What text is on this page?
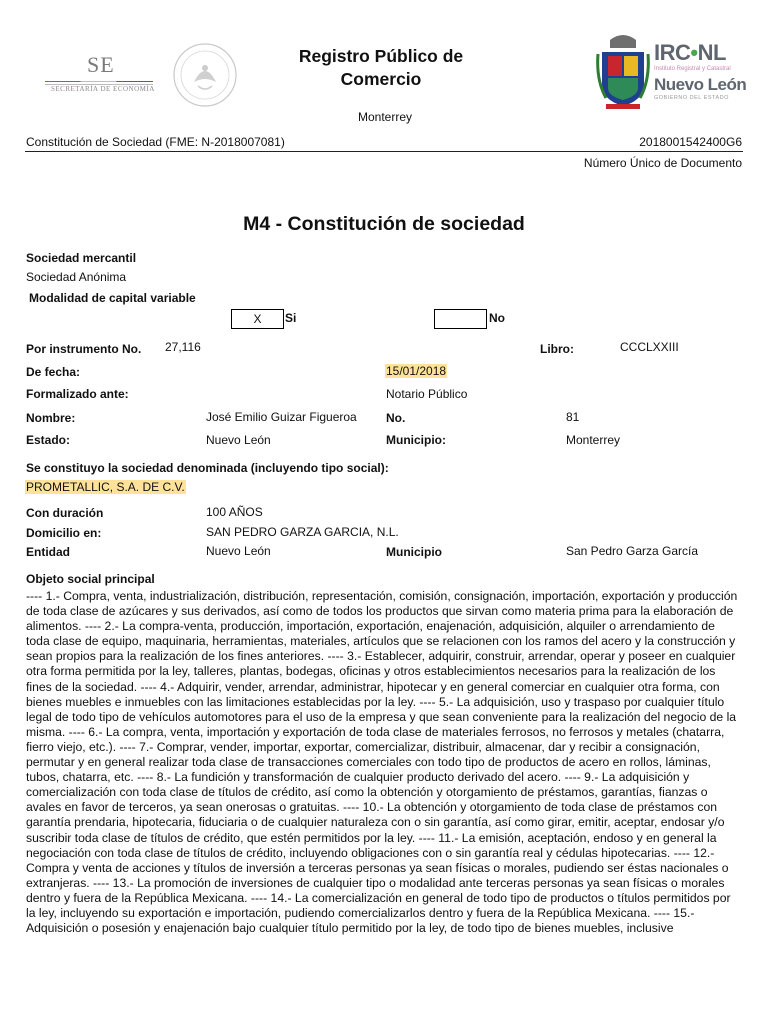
SE
SECRETARÍA DE ECONOMÍA
Registro Público de
Comercio
Monterrey
IRC•NL
Instituto Registral y Catastral
Nuevo León
GOBIERNO DEL ESTADO
Constitución de Sociedad (FME: N-2018007081)	2018001542400G6
Número Único de Documento
M4 - Constitución de sociedad
Sociedad mercantil
Sociedad Anónima
Modalidad de capital variable
X	Si	No
Por instrumento No. 27,116	Libro:	CCCLXXIII
De fecha:	15/01/2018
Formalizado ante:	Notario Público
Nombre:	José Emilio Guizar Figueroa No.	81
Estado:	Nuevo León	Municipio:	Monterrey
Se constituyo la sociedad denominada (incluyendo tipo social):
PROMETALLIC, S.A. DE C.V.
Con duración	100 AÑOS
Domicilio en:	SAN PEDRO GARZA GARCIA, N.L.
Entidad	Nuevo León	Municipio	San Pedro Garza García
Objeto social principal
---- 1.- Compra, venta, industrialización, distribución, representación, comisión, consignación, importación, exportación y producción de toda clase de azúcares y sus derivados, así como de todos los productos que sirvan como materia prima para la elaboración de alimentos. ---- 2.- La compra-venta, producción, importación, exportación, enajenación, adquisición, alquiler o arrendamiento de toda clase de equipo, maquinaria, herramientas, materiales, artículos que se relacionen con los ramos del acero y la construcción y sean propios para la realización de los fines anteriores. ---- 3.- Establecer, adquirir, construir, arrendar, operar y poseer en cualquier otra forma permitida por la ley, talleres, plantas, bodegas, oficinas y otros establecimientos necesarios para la realización de los fines de la sociedad. ---- 4.- Adquirir, vender, arrendar, administrar, hipotecar y en general comerciar en cualquier otra forma, con bienes muebles e inmuebles con las limitaciones establecidas por la ley. ---- 5.- La adquisición, uso y traspaso por cualquier título legal de todo tipo de vehículos automotores para el uso de la empresa y que sean conveniente para la realización del negocio de la misma. ---- 6.- La compra, venta, importación y exportación de toda clase de materiales ferrosos, no ferrosos y metales (chatarra, fierro viejo, etc.). ---- 7.- Comprar, vender, importar, exportar, comercializar, distribuir, almacenar, dar y recibir a consignación, permutar y en general realizar toda clase de transacciones comerciales con todo tipo de productos de acero en rollos, láminas, tubos, chatarra, etc. ---- 8.- La fundición y transformación de cualquier producto derivado del acero. ---- 9.- La adquisición y comercialización con toda clase de títulos de crédito, así como la obtención y otorgamiento de préstamos, garantías, fianzas o avales en favor de terceros, ya sean onerosas o gratuitas. ---- 10.- La obtención y otorgamiento de toda clase de préstamos con garantía prendaria, hipotecaria, fiduciaria o de cualquier naturaleza con o sin garantía, así como girar, emitir, aceptar, endosar y/o suscribir toda clase de títulos de crédito, que estén permitidos por la ley. ---- 11.- La emisión, aceptación, endoso y en general la negociación con toda clase de títulos de crédito, incluyendo obligaciones con o sin garantía real y cédulas hipotecarias. ---- 12.- Compra y venta de acciones y títulos de inversión a terceras personas ya sean físicas o morales, pudiendo ser éstas nacionales o extranjeras. ---- 13.- La promoción de inversiones de cualquier tipo o modalidad ante terceras personas ya sean físicas o morales dentro y fuera de la República Mexicana. ---- 14.- La comercialización en general de todo tipo de productos o títulos permitidos por la ley, incluyendo su exportación e importación, pudiendo comercializarlos dentro y fuera de la República Mexicana. ---- 15.- Adquisición o posesión y enajenación bajo cualquier título permitido por la ley, de todo tipo de bienes muebles, inclusive
